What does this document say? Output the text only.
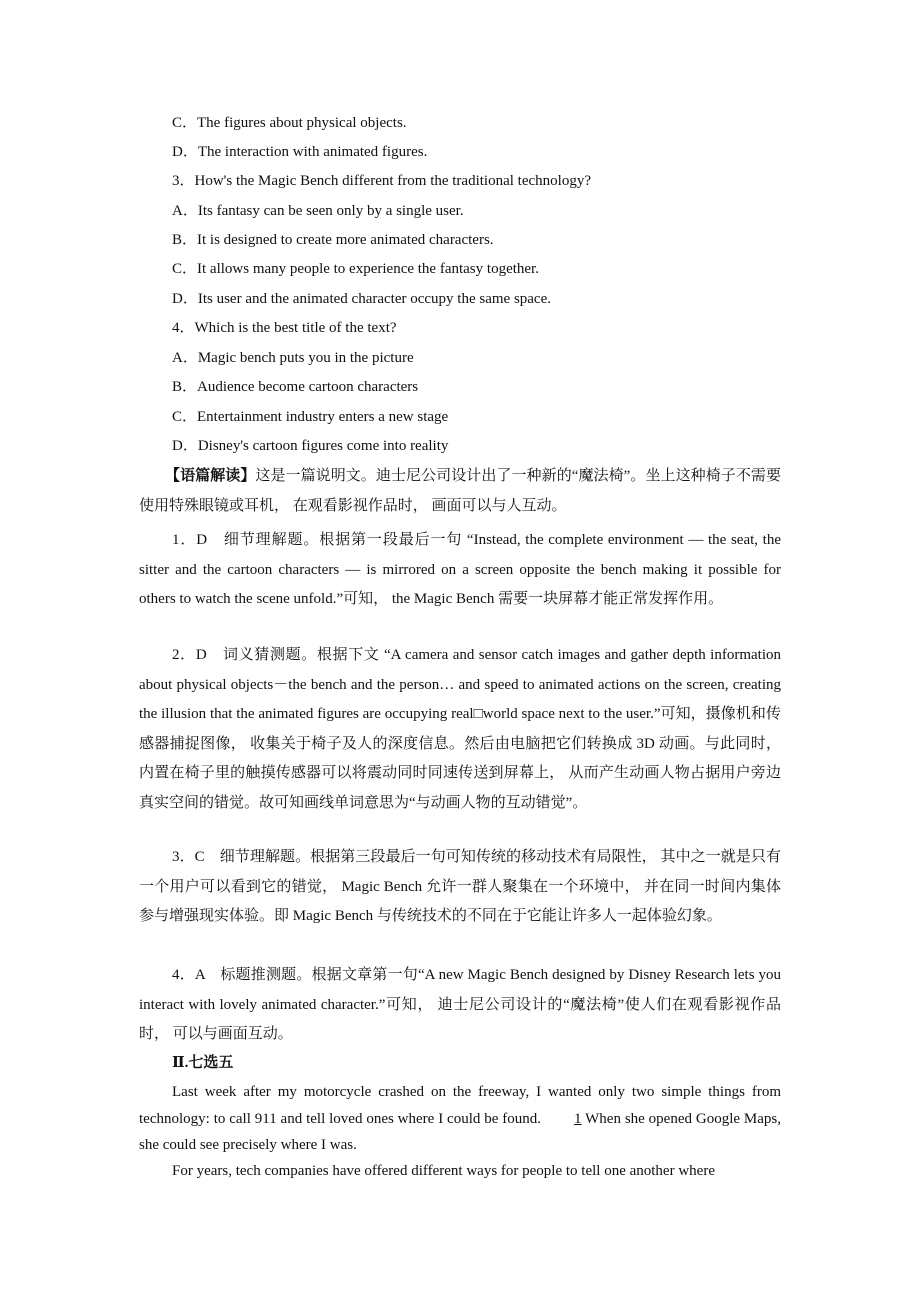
C．The figures about physical objects.
D．The interaction with animated figures.
3．How's the Magic Bench different from the traditional technology?
A．Its fantasy can be seen only by a single user.
B．It is designed to create more animated characters.
C．It allows many people to experience the fantasy together.
D．Its user and the animated character occupy the same space.
4．Which is the best title of the text?
A．Magic bench puts you in the picture
B．Audience become cartoon characters
C．Entertainment industry enters a new stage
D．Disney's cartoon figures come into reality
【语篇解读】这是一篇说明文。迪士尼公司设计出了一种新的“魔法椅”。坐上这种椅子不需要使用特殊眼镜或耳机， 在观看影视作品时， 画面可以与人互动。
1．D　细节理解题。根据第一段最后一句 “Instead, the complete environment — the seat, the sitter and the cartoon characters — is mirrored on a screen opposite the bench making it possible for others to watch the scene unfold.”可知， the Magic Bench 需要一块屏幕才能正常发挥作用。
2．D　词义猜测题。根据下文 “A camera and sensor catch images and gather depth information about physical objects－the bench and the person… and speed to animated actions on the screen, creating the illusion that the animated figures are occupying real□world space next to the user.”可知，摄像机和传感器捕捉图像， 收集关于椅子及人的深度信息。然后由电脑把它们转换成 3D 动画。与此同时， 内置在椅子里的触摸传感器可以将震动同时同速传送到屏幕上， 从而产生动画人物占据用户旁边真实空间的错觉。故可知画线单词意思为“与动画人物的互动错觉”。
3．C　细节理解题。根据第三段最后一句可知传统的移动技术有局限性， 其中之一就是只有一个用户可以看到它的错觉， Magic Bench 允许一群人聚集在一个环境中， 并在同一时间内集体参与增强现实体验。即 Magic Bench 与传统技术的不同在于它能让许多人一起体验幻象。
4．A　标题推测题。根据文章第一句“A new Magic Bench designed by Disney Research lets you interact with lovely animated character.”可知， 迪士尼公司设计的“魔法椅”使人们在观看影视作品时， 可以与画面互动。
Ⅱ.七选五
Last week after my motorcycle crashed on the freeway, I wanted only two simple things from technology: to call 911 and tell loved ones where I could be found. 1 When she opened Google Maps, she could see precisely where I was.
For years, tech companies have offered different ways for people to tell one another where
